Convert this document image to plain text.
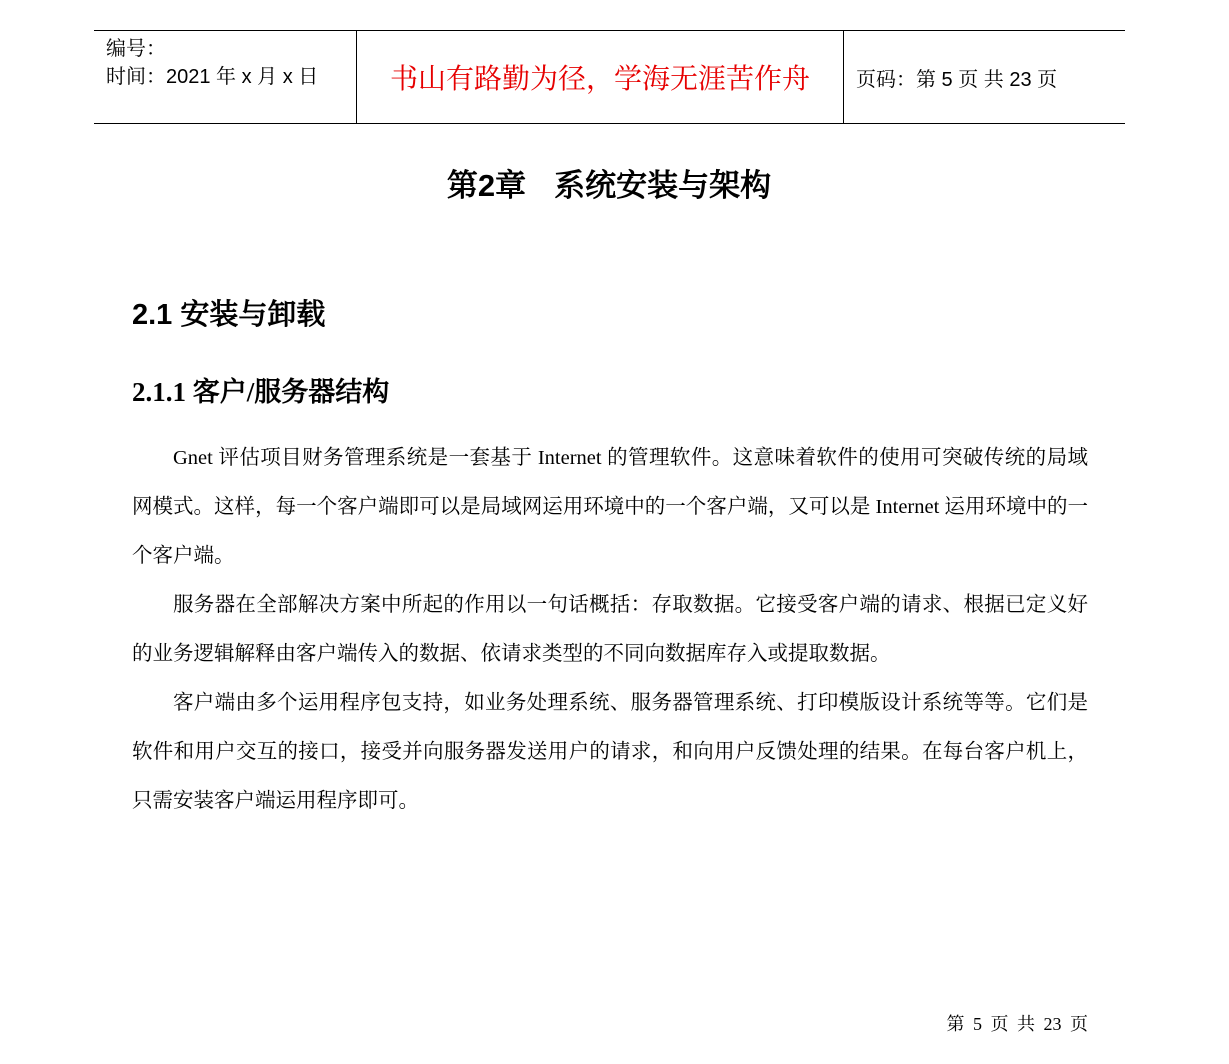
编号：
时间：2021 年 x 月 x 日	书山有路勤为径，学海无涯苦作舟 页码：第 5 页 共 23 页
第2章 系统安装与架构
2.1 安装与卸载
2.1.1 客户/服务器结构

Gnet 评估项目财务管理系统是一套基于 Internet 的管理软件。这意味着软件的使用可突破传统的局域网模式。这样，每一个客户端即可以是局域网运用环境中的一个客户端，又可以是 Internet 运用环境中的一个客户端。

服务器在全部解决方案中所起的作用以一句话概括：存取数据。它接受客户端的请求、根据已定义好的业务逻辑解释由客户端传入的数据、依请求类型的不同向数据库存入或提取数据。

客户端由多个运用程序包支持，如业务处理系统、服务器管理系统、打印模版设计系统等等。它们是软件和用户交互的接口，接受并向服务器发送用户的请求，和向用户反馈处理的结果。在每台客户机上，只需安装客户端运用程序即可。

第 5 页 共 23 页
